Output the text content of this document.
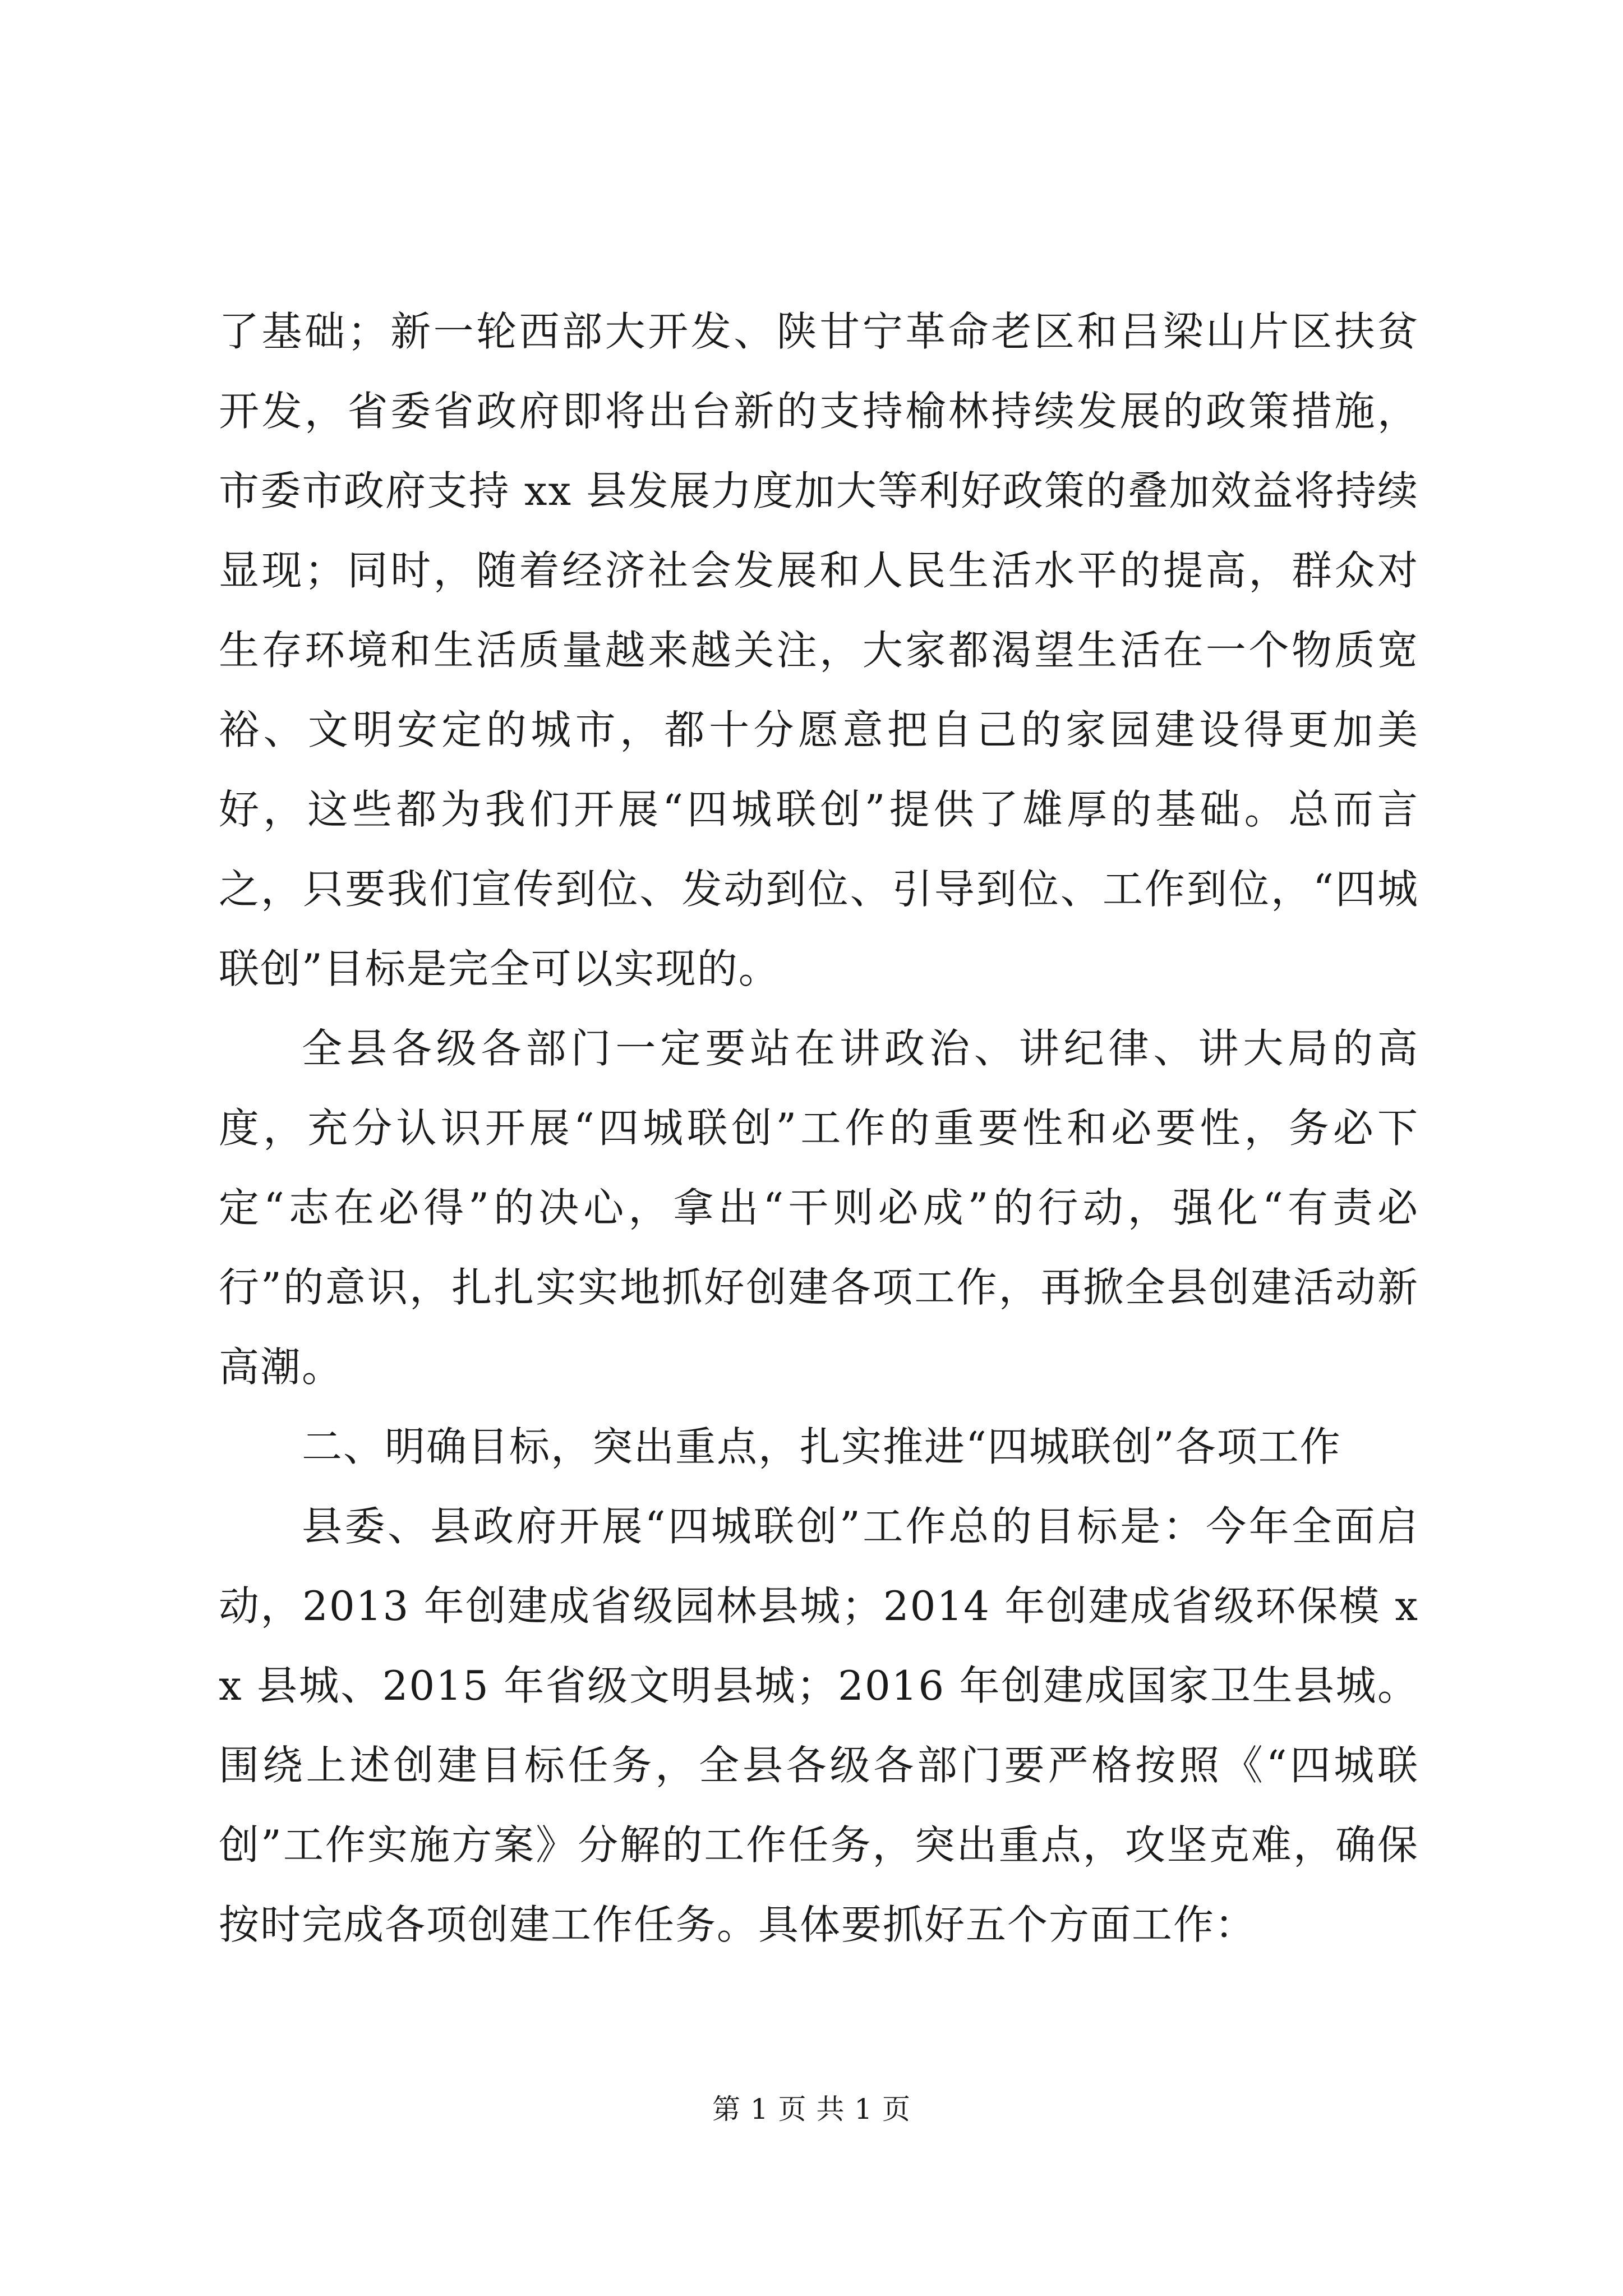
了基础；新一轮西部大开发、陕甘宁革命老区和吕梁山片区扶贫开发，省委省政府即将出台新的支持榆林持续发展的政策措施，市委市政府支持 xx 县发展力度加大等利好政策的叠加效益将持续显现；同时，随着经济社会发展和人民生活水平的提高，群众对生存环境和生活质量越来越关注，大家都渴望生活在一个物质宽裕、文明安定的城市，都十分愿意把自己的家园建设得更加美好，这些都为我们开展“四城联创”提供了雄厚的基础。总而言之，只要我们宣传到位、发动到位、引导到位、工作到位，“四城联创”目标是完全可以实现的。

全县各级各部门一定要站在讲政治、讲纪律、讲大局的高度，充分认识开展“四城联创”工作的重要性和必要性，务必下定“志在必得”的决心，拿出“干则必成”的行动，强化“有责必行”的意识，扎扎实实地抓好创建各项工作，再掀全县创建活动新高潮。

二、明确目标，突出重点，扎实推进“四城联创”各项工作

县委、县政府开展“四城联创”工作总的目标是：今年全面启动，2013 年创建成省级园林县城；2014 年创建成省级环保模 xx 县城、2015 年省级文明县城；2016 年创建成国家卫生县城。围绕上述创建目标任务，全县各级各部门要严格按照《“四城联创”工作实施方案》分解的工作任务，突出重点，攻坚克难，确保按时完成各项创建工作任务。具体要抓好五个方面工作：

第 1 页 共 1 页
